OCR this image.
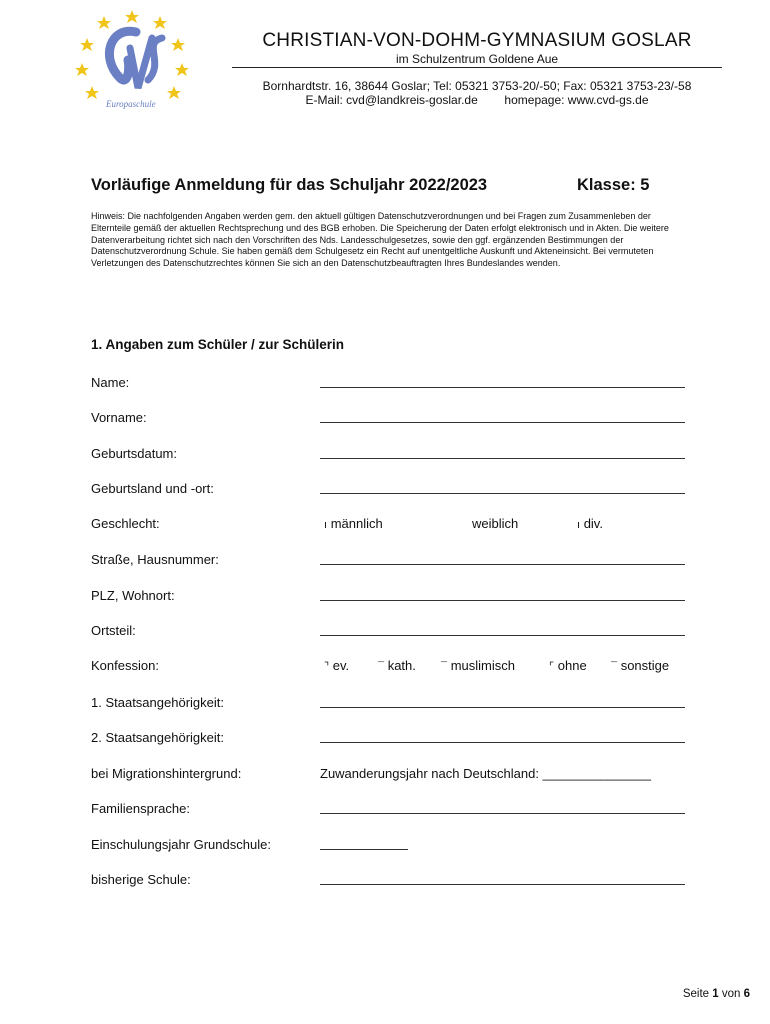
Europaschule
CHRISTIAN-VON-DOHM-GYMNASIUM GOSLAR
im Schulzentrum Goldene Aue
Bornhardtstr. 16, 38644 Goslar; Tel: 05321 3753-20/-50; Fax: 05321 3753-23/-58
E-Mail: cvd@landkreis-goslar.de        homepage: www.cvd-gs.de
Vorläufige Anmeldung für das Schuljahr 2022/2023	Klasse: 5
Hinweis: Die nachfolgenden Angaben werden gem. den aktuell gültigen Datenschutzverordnungen und bei Fragen zum Zusammenleben der Elternteile gemäß der aktuellen Rechtsprechung und des BGB erhoben. Die Speicherung der Daten erfolgt elektronisch und in Akten. Die weitere Datenverarbeitung richtet sich nach den Vorschriften des Nds. Landesschulgesetzes, sowie den ggf. ergänzenden Bestimmungen der Datenschutzverordnung Schule. Sie haben gemäß dem Schulgesetz ein Recht auf unentgeltliche Auskunft und Akteneinsicht. Bei vermuteten Verletzungen des Datenschutzrechtes können Sie sich an den Datenschutzbeauftragten Ihres Bundeslandes wenden.
1. Angaben zum Schüler / zur Schülerin
Name:
Vorname:
Geburtsdatum:
Geburtsland und -ort:
Geschlecht:	ı männlich	weiblich	ı div.
Straße, Hausnummer:
PLZ, Wohnort:
Ortsteil:
Konfession:	⌝ ev.	¯ kath. ¯ muslimisch	⌜ ohne ¯ sonstige
1. Staatsangehörigkeit:
2. Staatsangehörigkeit:
bei Migrationshintergrund:	Zuwanderungsjahr nach Deutschland: _______________
Familiensprache:
Einschulungsjahr Grundschule:
bisherige Schule:
Seite 1 von 6
